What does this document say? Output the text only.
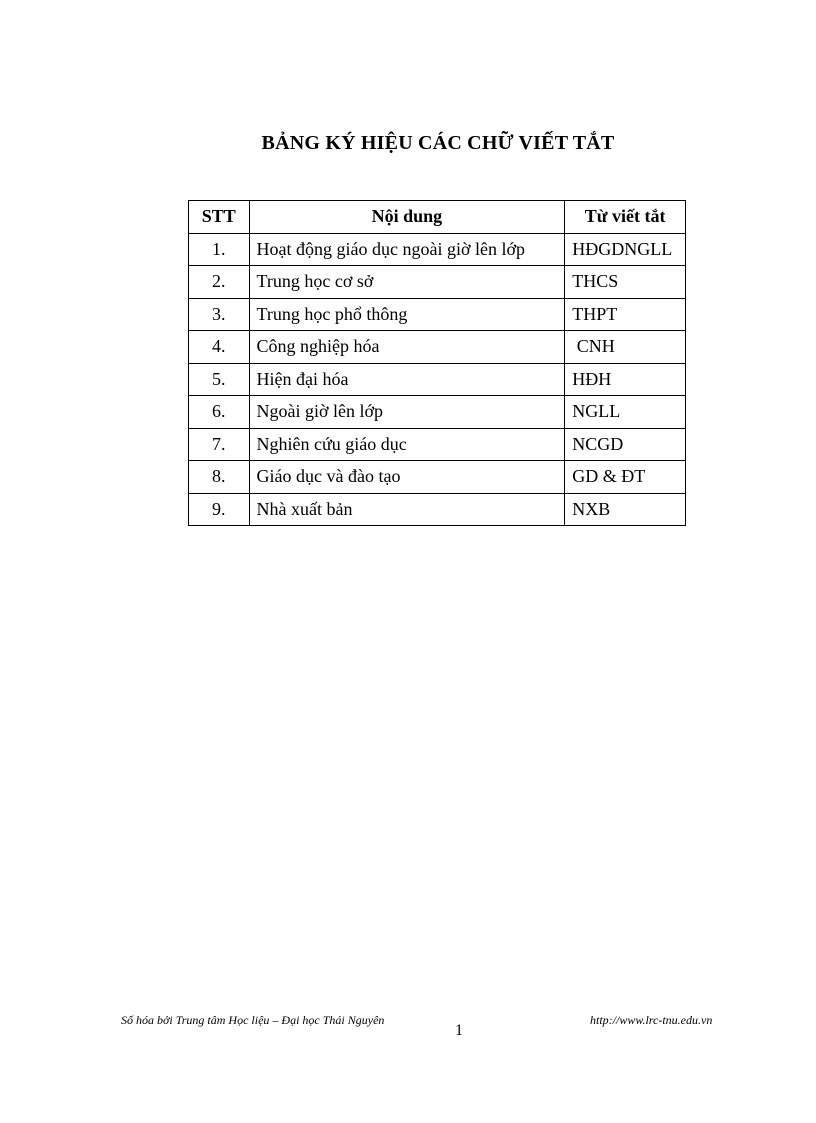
BẢNG KÝ HIỆU CÁC CHỮ VIẾT TẮT
STT	Nội dung	Từ viết tắt
1.	Hoạt động giáo dục ngoài giờ lên lớp	HĐGDNGLL
2.	Trung học cơ sở	THCS
3.	Trung học phổ thông	THPT
4.	Công nghiệp hóa	CNH
5.	Hiện đại hóa	HĐH
6.	Ngoài giờ lên lớp	NGLL
7.	Nghiên cứu giáo dục	NCGD
8.	Giáo dục và đào tạo	GD & ĐT
9.	Nhà xuất bản	NXB
Số hóa bởi Trung tâm Học liệu – Đại học Thái Nguyên
1
http://www.lrc-tnu.edu.vn
